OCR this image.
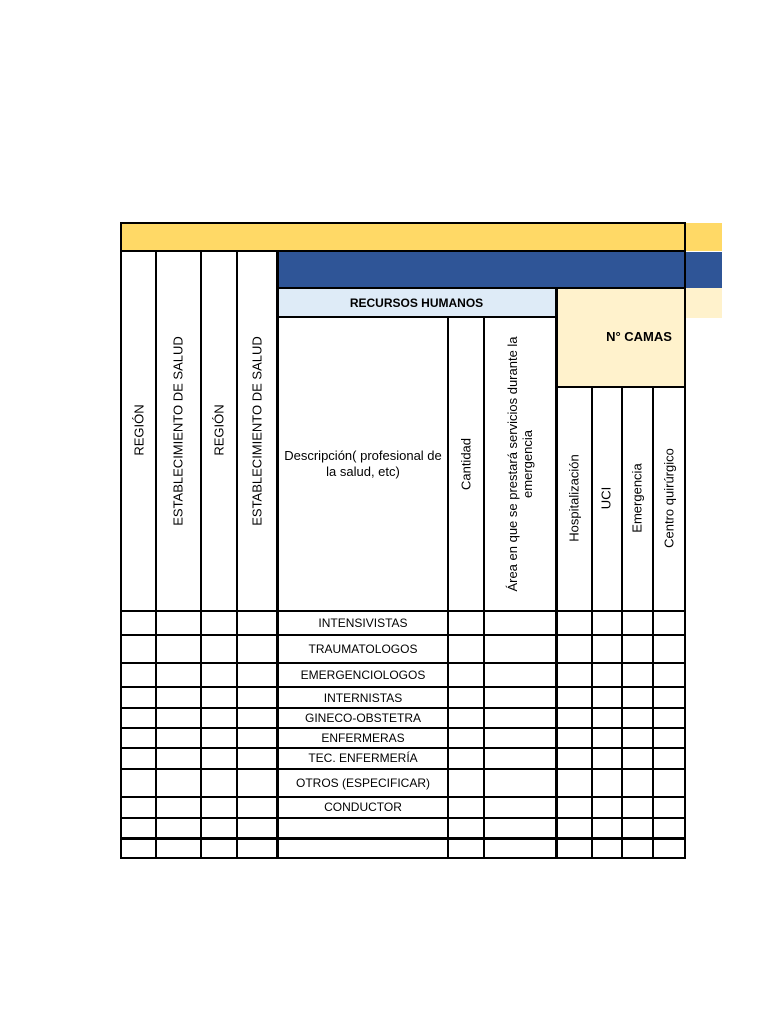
RECURSOS HUMANOS
N° CAMAS
REGIÓN ESTABLECIMIENTO DE SALUD REGIÓN ESTABLECIMIENTO DE SALUD	Descripción( profesional de la salud, etc)	Cantidad Área en que se prestará servicios durante la emergencia Hospitalización UCI Emergencia Centro quirúrgico
INTENSIVISTAS
TRAUMATOLOGOS
EMERGENCIOLOGOS
INTERNISTAS
GINECO-OBSTETRA
ENFERMERAS
TEC. ENFERMERÍA
OTROS (ESPECIFICAR)
CONDUCTOR
